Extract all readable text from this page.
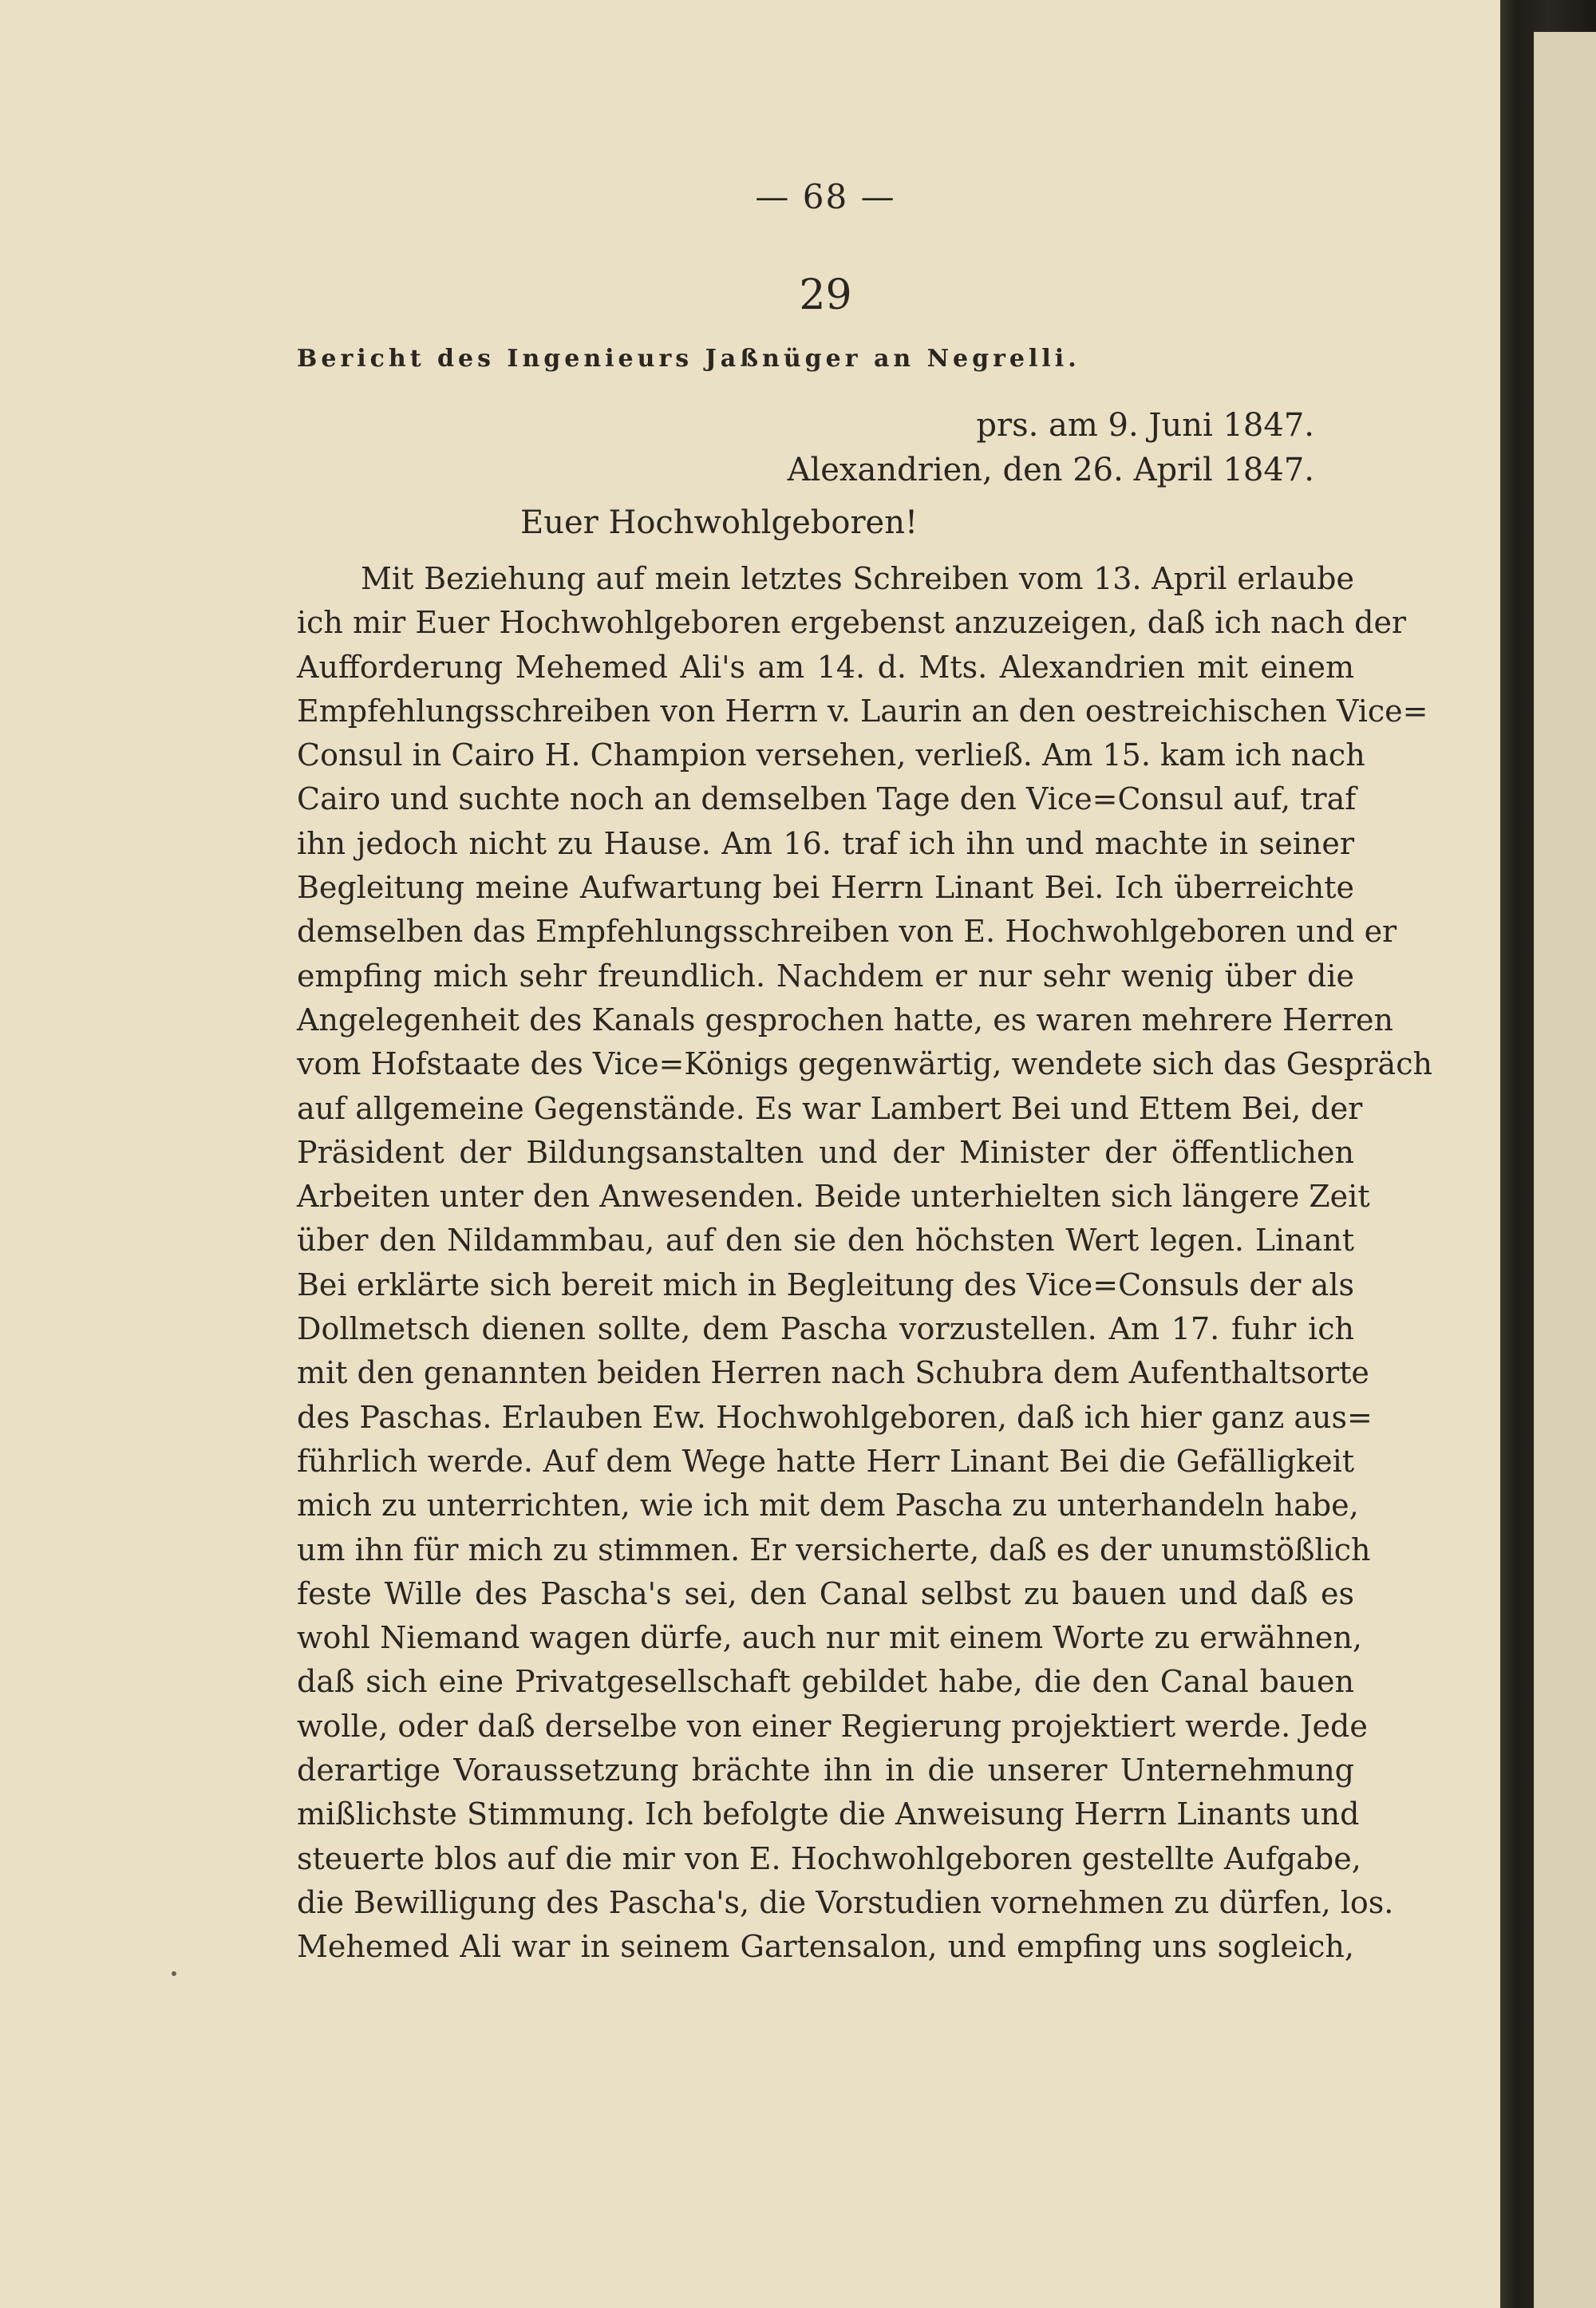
— 68 —
29
Bericht des Ingenieurs Jaßnüger an Negrelli.
prs. am 9. Juni 1847.
Alexandrien, den 26. April 1847.
Euer Hochwohlgeboren!
Mit Beziehung auf mein letztes Schreiben vom 13. April erlaube
ich mir Euer Hochwohlgeboren ergebenst anzuzeigen, daß ich nach der
Aufforderung Mehemed Ali's am 14. d. Mts. Alexandrien mit einem
Empfehlungsschreiben von Herrn v. Laurin an den oestreichischen Vice=
Consul in Cairo H. Champion versehen, verließ. Am 15. kam ich nach
Cairo und suchte noch an demselben Tage den Vice=Consul auf, traf
ihn jedoch nicht zu Hause. Am 16. traf ich ihn und machte in seiner
Begleitung meine Aufwartung bei Herrn Linant Bei. Ich überreichte
demselben das Empfehlungsschreiben von E. Hochwohlgeboren und er
empfing mich sehr freundlich. Nachdem er nur sehr wenig über die
Angelegenheit des Kanals gesprochen hatte, es waren mehrere Herren
vom Hofstaate des Vice=Königs gegenwärtig, wendete sich das Gespräch
auf allgemeine Gegenstände. Es war Lambert Bei und Ettem Bei, der
Präsident der Bildungsanstalten und der Minister der öffentlichen
Arbeiten unter den Anwesenden. Beide unterhielten sich längere Zeit
über den Nildammbau, auf den sie den höchsten Wert legen. Linant
Bei erklärte sich bereit mich in Begleitung des Vice=Consuls der als
Dollmetsch dienen sollte, dem Pascha vorzustellen. Am 17. fuhr ich
mit den genannten beiden Herren nach Schubra dem Aufenthaltsorte
des Paschas. Erlauben Ew. Hochwohlgeboren, daß ich hier ganz aus=
führlich werde. Auf dem Wege hatte Herr Linant Bei die Gefälligkeit
mich zu unterrichten, wie ich mit dem Pascha zu unterhandeln habe,
um ihn für mich zu stimmen. Er versicherte, daß es der unumstößlich
feste Wille des Pascha's sei, den Canal selbst zu bauen und daß es
wohl Niemand wagen dürfe, auch nur mit einem Worte zu erwähnen,
daß sich eine Privatgesellschaft gebildet habe, die den Canal bauen
wolle, oder daß derselbe von einer Regierung projektiert werde. Jede
derartige Voraussetzung brächte ihn in die unserer Unternehmung
mißlichste Stimmung. Ich befolgte die Anweisung Herrn Linants und
steuerte blos auf die mir von E. Hochwohlgeboren gestellte Aufgabe,
die Bewilligung des Pascha's, die Vorstudien vornehmen zu dürfen, los.
Mehemed Ali war in seinem Gartensalon, und empfing uns sogleich,
